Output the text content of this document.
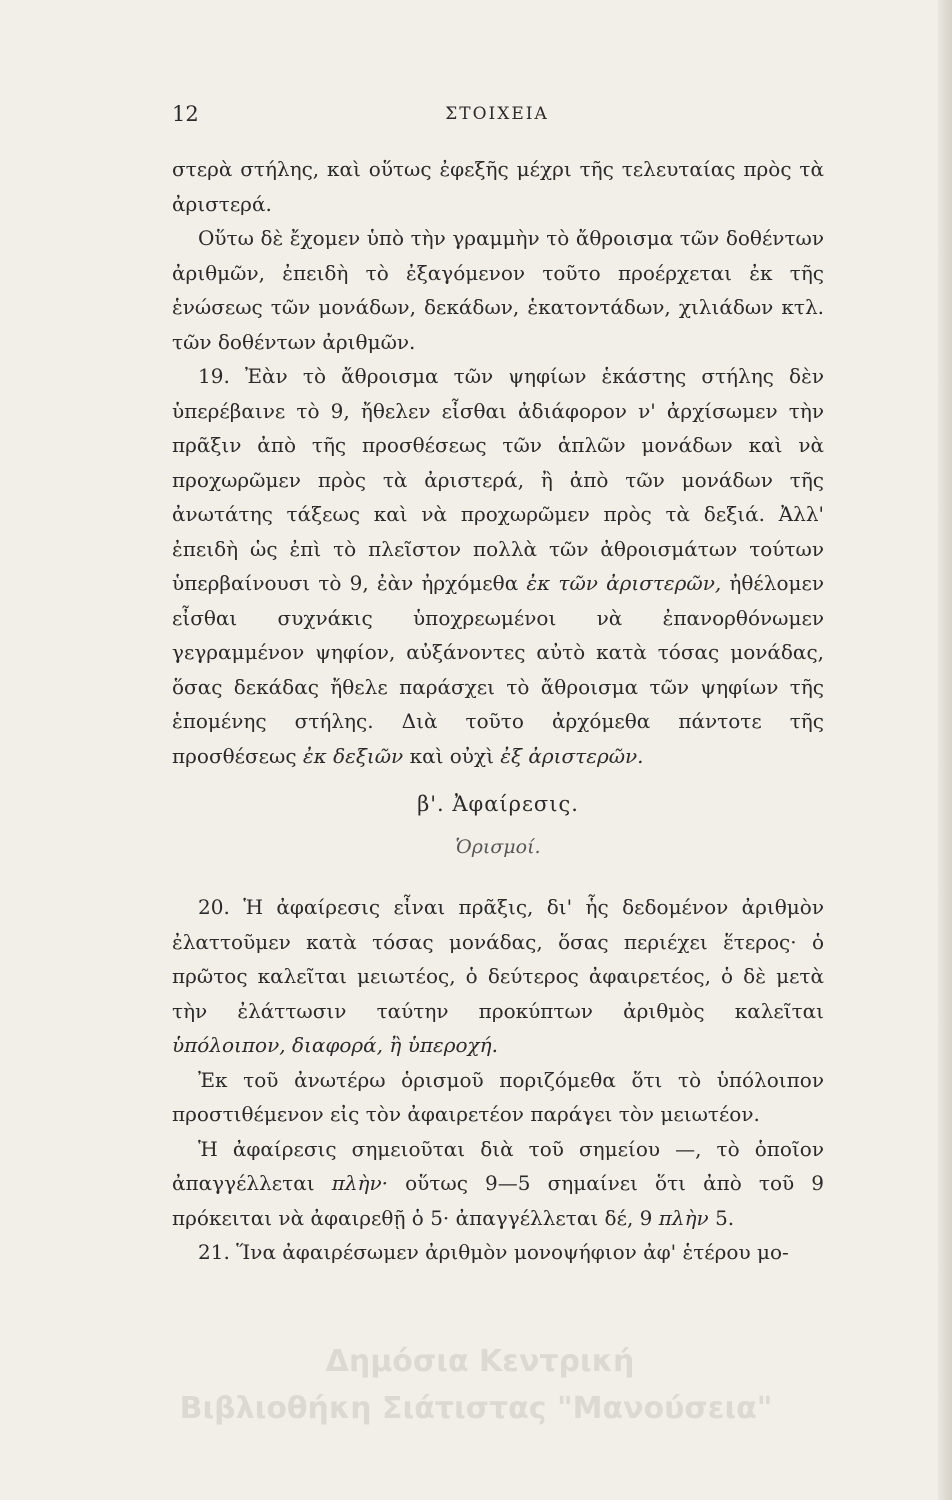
12	ΣΤΟΙΧΕΙΑ

στερὰ στήλης, καὶ οὕτως ἐφεξῆς μέχρι τῆς τελευταίας πρὸς τὰ ἀριστερά.

Οὕτω δὲ ἔχομεν ὑπὸ τὴν γραμμὴν τὸ ἄθροισμα τῶν δοθέντων ἀριθμῶν, ἐπειδὴ τὸ ἐξαγόμενον τοῦτο προέρχεται ἐκ τῆς ἑνώσεως τῶν μονάδων, δεκάδων, ἑκατοντάδων, χιλιάδων κτλ. τῶν δοθέντων ἀριθμῶν.

19. Ἐὰν τὸ ἄθροισμα τῶν ψηφίων ἑκάστης στήλης δὲν ὑπερέβαινε τὸ 9, ἤθελεν εἶσθαι ἀδιάφορον ν' ἀρχίσωμεν τὴν πρᾶξιν ἀπὸ τῆς προσθέσεως τῶν ἁπλῶν μονάδων καὶ νὰ προχωρῶμεν πρὸς τὰ ἀριστερά, ἢ ἀπὸ τῶν μονάδων τῆς ἀνωτάτης τάξεως καὶ νὰ προχωρῶμεν πρὸς τὰ δεξιά. Ἀλλ' ἐπειδὴ ὡς ἐπὶ τὸ πλεῖστον πολλὰ τῶν ἀθροισμάτων τούτων ὑπερβαίνουσι τὸ 9, ἐὰν ἠρχόμεθα ἐκ τῶν ἀριστερῶν, ἠθέλομεν εἶσθαι συχνάκις ὑποχρεωμένοι νὰ ἐπανορθόνωμεν γεγραμμένον ψηφίον, αὐξάνοντες αὐτὸ κατὰ τόσας μονάδας, ὅσας δεκάδας ἤθελε παράσχει τὸ ἄθροισμα τῶν ψηφίων τῆς ἑπομένης στήλης. Διὰ τοῦτο ἀρχόμεθα πάντοτε τῆς προσθέσεως ἐκ δεξιῶν καὶ οὐχὶ ἐξ ἀριστερῶν.

β'. Ἀφαίρεσις.
Ὁρισμοί.

20. Ἡ ἀφαίρεσις εἶναι πρᾶξις, δι' ἧς δεδομένον ἀριθμὸν ἐλαττοῦμεν κατὰ τόσας μονάδας, ὅσας περιέχει ἕτερος· ὁ πρῶτος καλεῖται μειωτέος, ὁ δεύτερος ἀφαιρετέος, ὁ δὲ μετὰ τὴν ἐλάττωσιν ταύτην προκύπτων ἀριθμὸς καλεῖται ὑπόλοιπον, διαφορά, ἢ ὑπεροχή.

Ἐκ τοῦ ἀνωτέρω ὁρισμοῦ ποριζόμεθα ὅτι τὸ ὑπόλοιπον προστιθέμενον εἰς τὸν ἀφαιρετέον παράγει τὸν μειωτέον.

Ἡ ἀφαίρεσις σημειοῦται διὰ τοῦ σημείου —, τὸ ὁποῖον ἀπαγγέλλεται πλὴν· οὕτως 9—5 σημαίνει ὅτι ἀπὸ τοῦ 9 πρόκειται νὰ ἀφαιρεθῇ ὁ 5· ἀπαγγέλλεται δέ, 9 πλὴν 5.

21. Ἵνα ἀφαιρέσωμεν ἀριθμὸν μονοψήφιον ἀφ' ἑτέρου μο-

Δημόσια Κεντρική
Βιβλιοθήκη Σιάτιστας "Μανούσεια"
